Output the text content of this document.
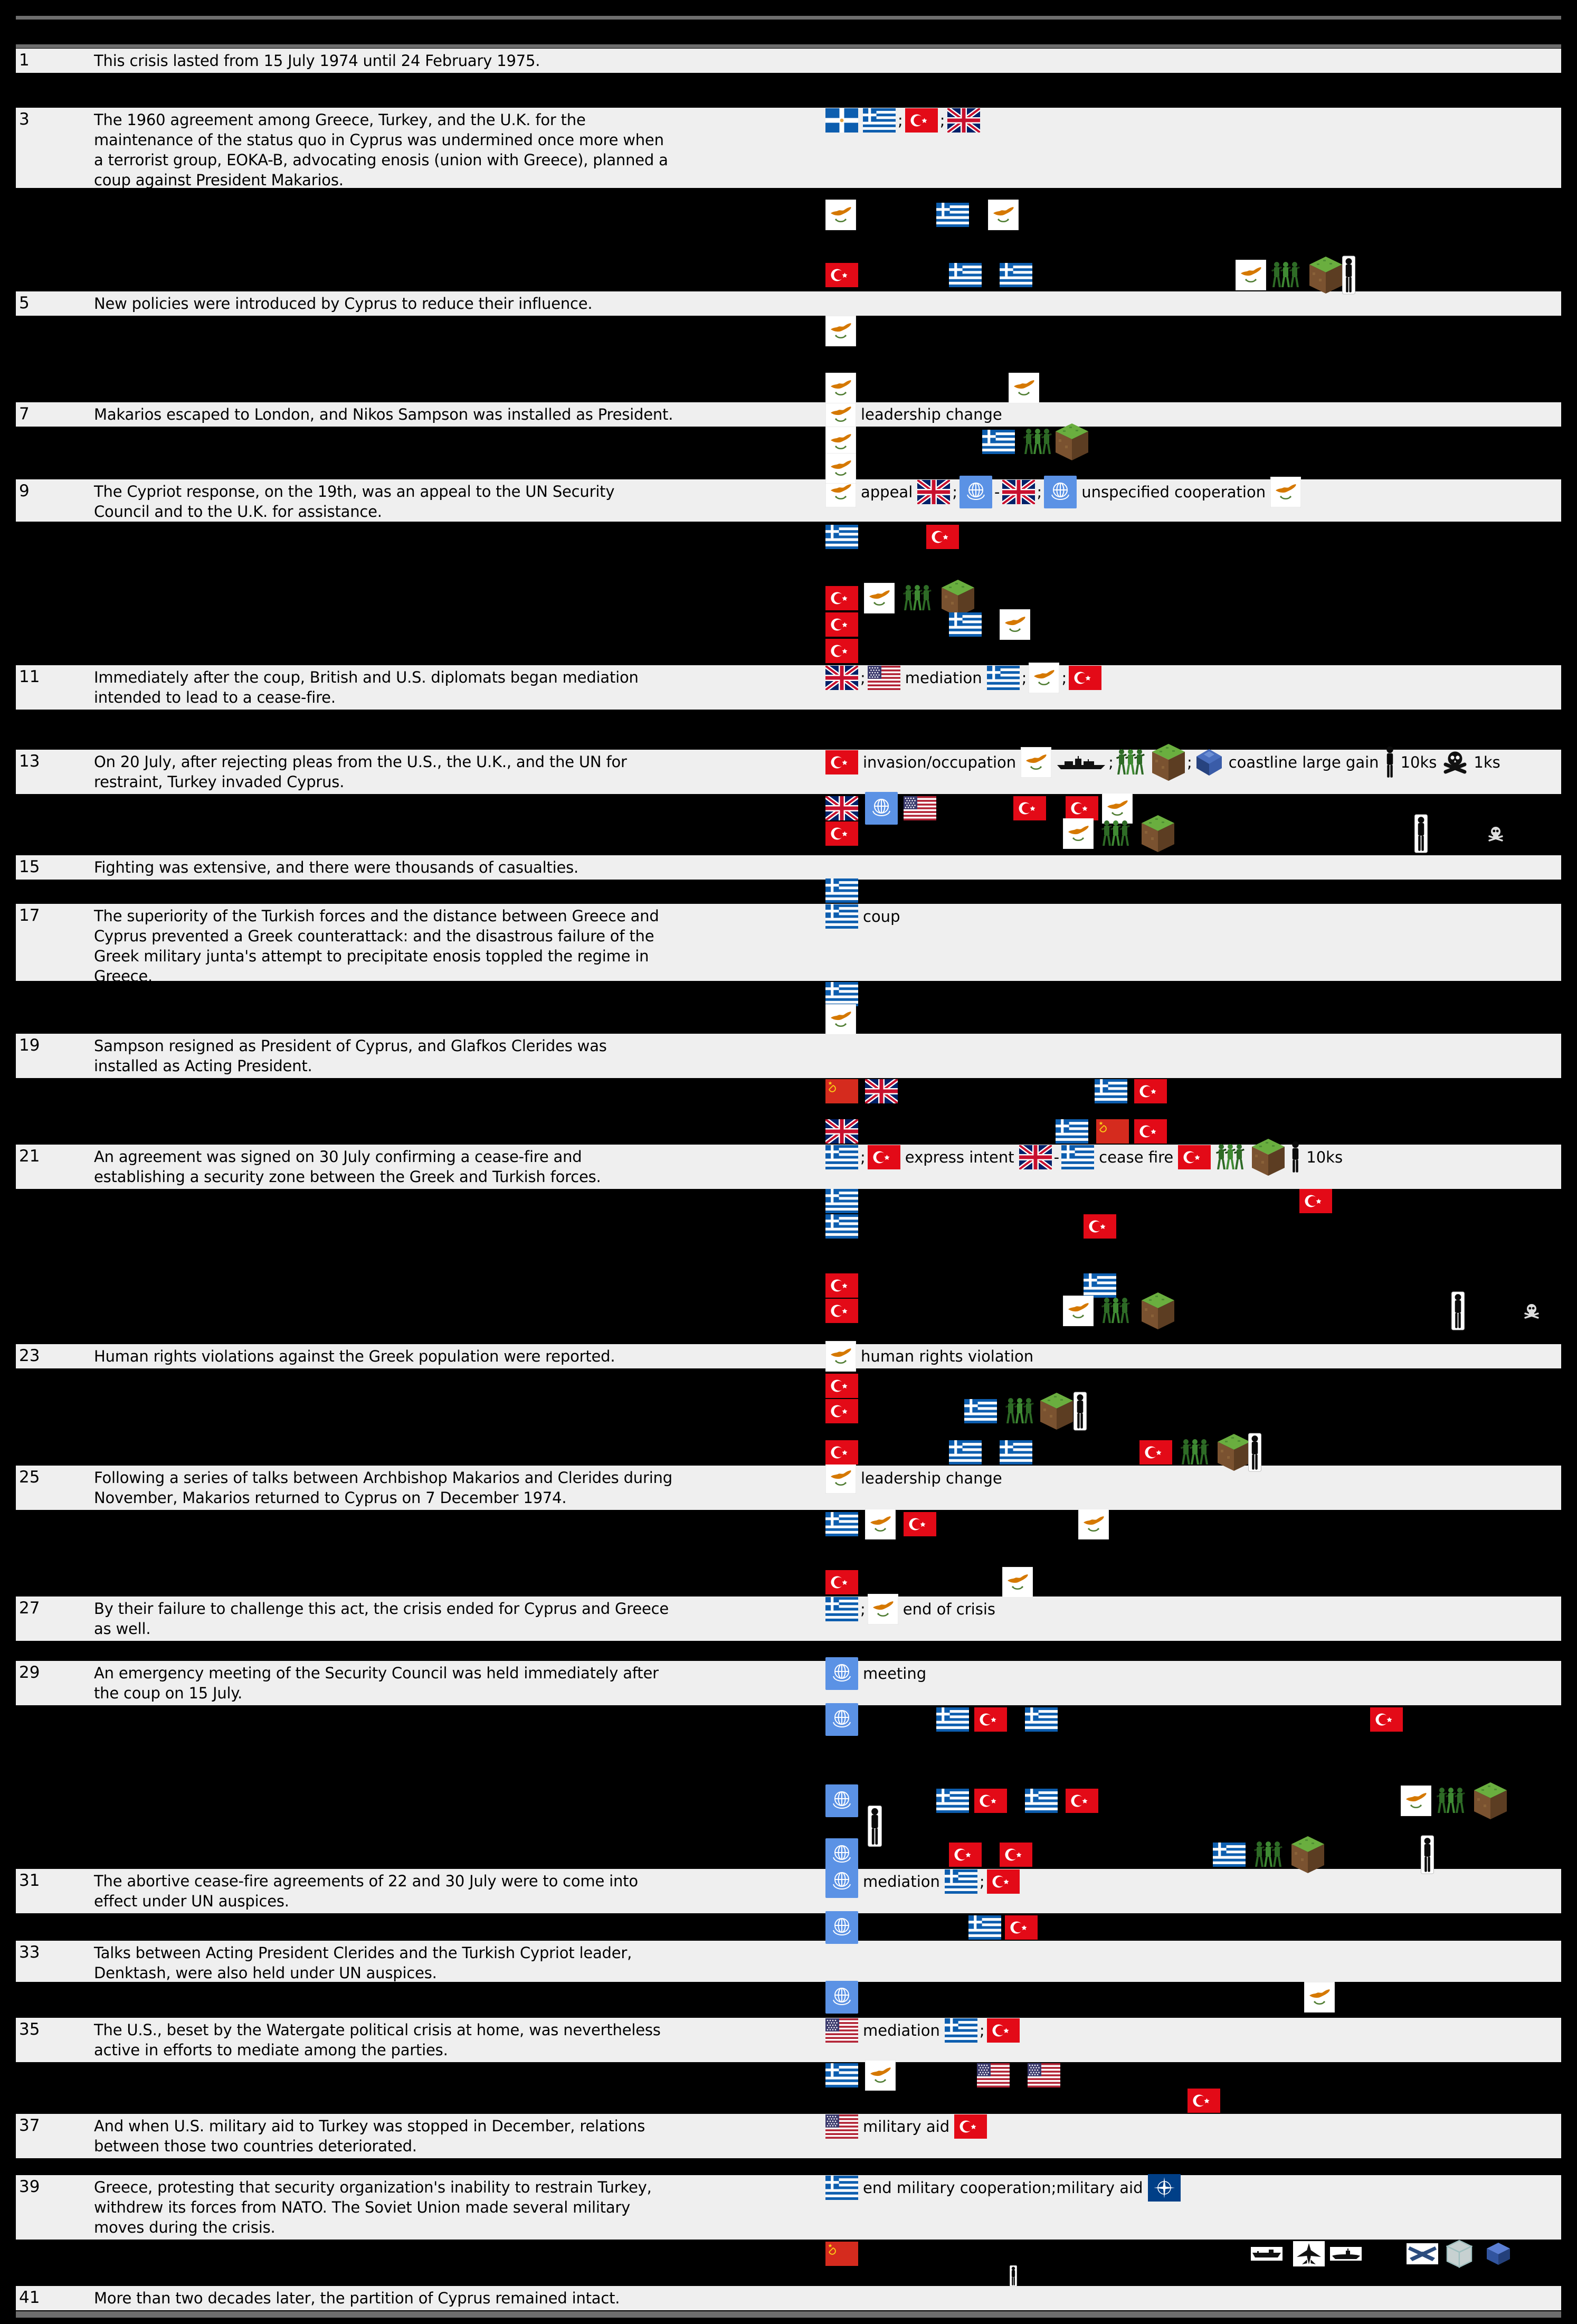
1	This crisis lasted from 15 July 1974 until 24 February 1975.
3	The 1960 agreement among Greece, Turkey, and the U.K. for the
maintenance of the status quo in Cyprus was undermined once more when
a terrorist group, EOKA-B, advocating enosis (union with Greece), planned a
coup against President Makarios.
; ;
5	New policies were introduced by Cyprus to reduce their influence.
7	Makarios escaped to London, and Nikos Sampson was installed as President.	leadership change
9	The Cypriot response, on the 19th, was an appeal to the UN Security
Council and to the U.K. for assistance.
appeal	; - ;	unspecified cooperation
11	Immediately after the coup, British and U.S. diplomats began mediation
intended to lead to a cease-fire.
;	mediation	; ;
13	On 20 July, after rejecting pleas from the U.S., the U.K., and the UN for
restraint, Turkey invaded Cyprus.
invasion/occupation	;	; coastline large gain 10ks 1ks
15	Fighting was extensive, and there were thousands of casualties.
17	The superiority of the Turkish forces and the distance between Greece and
Cyprus prevented a Greek counterattack: and the disastrous failure of the
Greek military junta's attempt to precipitate enosis toppled the regime in
Greece.
coup
19	Sampson resigned as President of Cyprus, and Glafkos Clerides was
installed as Acting President.
21	An agreement was signed on 30 July confirming a cease-fire and
establishing a security zone between the Greek and Turkish forces.
;	express intent	-	cease fire	10ks
23	Human rights violations against the Greek population were reported.	human rights violation
25	Following a series of talks between Archbishop Makarios and Clerides during
November, Makarios returned to Cyprus on 7 December 1974.
leadership change
27	By their failure to challenge this act, the crisis ended for Cyprus and Greece
as well.
; end of crisis
29	An emergency meeting of the Security Council was held immediately after
the coup on 15 July.
meeting
31	The abortive cease-fire agreements of 22 and 30 July were to come into
effect under UN auspices.
mediation	;
33	Talks between Acting President Clerides and the Turkish Cypriot leader,
Denktash, were also held under UN auspices.
35	The U.S., beset by the Watergate political crisis at home, was nevertheless
active in efforts to mediate among the parties.
mediation	;
37	And when U.S. military aid to Turkey was stopped in December, relations
between those two countries deteriorated.
military aid
39	Greece, protesting that security organization's inability to restrain Turkey,
withdrew its forces from NATO. The Soviet Union made several military
moves during the crisis.
end military cooperation;military aid
41	More than two decades later, the partition of Cyprus remained intact.
